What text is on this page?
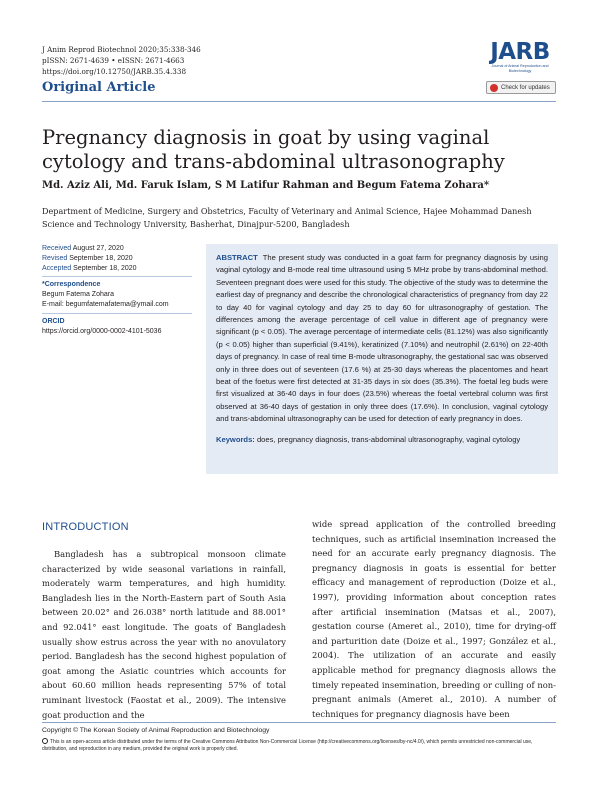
J Anim Reprod Biotechnol 2020;35:338-346
pISSN: 2671-4639 • eISSN: 2671-4663
https://doi.org/10.12750/JARB.35.4.338
JARB
Journal of Animal Reproduction and Biotechnology
Check for updates
Original Article
Pregnancy diagnosis in goat by using vaginal cytology and trans-abdominal ultrasonography
Md. Aziz Ali, Md. Faruk Islam, S M Latifur Rahman and Begum Fatema Zohara*
Department of Medicine, Surgery and Obstetrics, Faculty of Veterinary and Animal Science, Hajee Mohammad Danesh Science and Technology University, Basherhat, Dinajpur-5200, Bangladesh
Received August 27, 2020
Revised September 18, 2020
Accepted September 18, 2020
*Correspondence
Begum Fatema Zohara
E-mail: begumfatemafatema@ymail.com
ORCID
https://orcid.org/0000-0002-4101-5036
ABSTRACT The present study was conducted in a goat farm for pregnancy diagnosis by using vaginal cytology and B-mode real time ultrasound using 5 MHz probe by trans-abdominal method. Seventeen pregnant does were used for this study. The objective of the study was to determine the earliest day of pregnancy and describe the chronological characteristics of pregnancy from day 22 to day 40 for vaginal cytology and day 25 to day 60 for ultrasonography of gestation. The differences among the average percentage of cell value in different age of pregnancy were significant (p < 0.05). The average percentage of intermediate cells (81.12%) was also significantly (p < 0.05) higher than superficial (9.41%), keratinized (7.10%) and neutrophil (2.61%) on 22-40th days of pregnancy. In case of real time B-mode ultrasonography, the gestational sac was observed only in three does out of seventeen (17.6 %) at 25-30 days whereas the placentomes and heart beat of the foetus were first detected at 31-35 days in six does (35.3%). The foetal leg buds were first visualized at 36-40 days in four does (23.5%) whereas the foetal vertebral column was first observed at 36-40 days of gestation in only three does (17.6%). In conclusion, vaginal cytology and trans-abdominal ultrasonography can be used for detection of early pregnancy in does.
Keywords: does, pregnancy diagnosis, trans-abdominal ultrasonography, vaginal cytology
INTRODUCTION
Bangladesh has a subtropical monsoon climate characterized by wide seasonal variations in rainfall, moderately warm temperatures, and high humidity. Bangladesh lies in the North-Eastern part of South Asia between 20.02° and 26.038° north latitude and 88.001° and 92.041° east longitude. The goats of Bangladesh usually show estrus across the year with no anovulatory period. Bangladesh has the second highest population of goat among the Asiatic countries which accounts for about 60.60 million heads representing 57% of total ruminant livestock (Faostat et al., 2009). The intensive goat production and the
wide spread application of the controlled breeding techniques, such as artificial insemination increased the need for an accurate early pregnancy diagnosis. The pregnancy diagnosis in goats is essential for better efficacy and management of reproduction (Doize et al., 1997), providing information about conception rates after artificial insemination (Matsas et al., 2007), gestation course (Ameret al., 2010), time for drying-off and parturition date (Doize et al., 1997; González et al., 2004). The utilization of an accurate and easily applicable method for pregnancy diagnosis allows the timely repeated insemination, breeding or culling of non-pregnant animals (Ameret al., 2010). A number of techniques for pregnancy diagnosis have been
Copyright © The Korean Society of Animal Reproduction and Biotechnology
This is an open-access article distributed under the terms of the Creative Commons Attribution Non-Commercial License (http://creativecommons.org/licenses/by-nc/4.0/), which permits unrestricted non-commercial use, distribution, and reproduction in any medium, provided the original work is properly cited.
